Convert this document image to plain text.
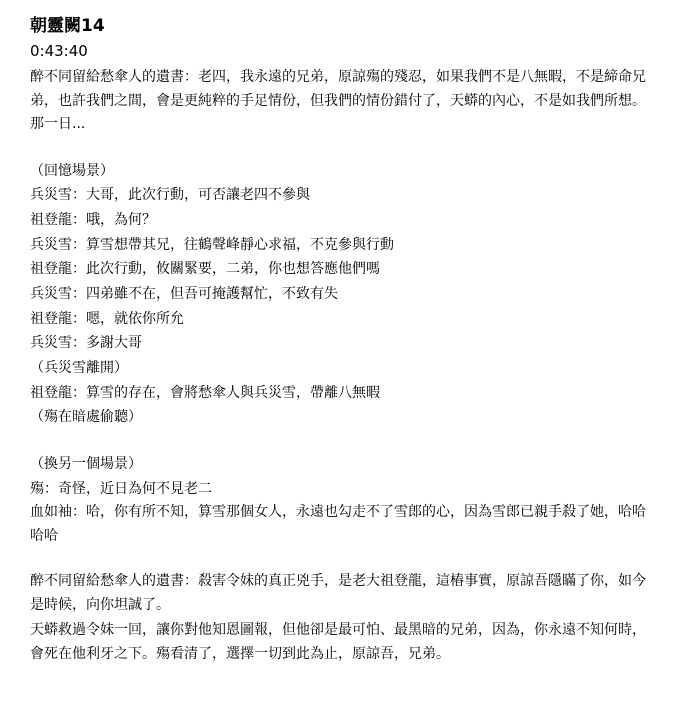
朝靈闕14
0:43:40
醉不同留給愁傘人的遺書：老四，我永遠的兄弟，原諒殤的殘忍，如果我們不是八無暇，不是締命兄弟，也許我們之間，會是更純粹的手足情份，但我們的情份錯付了，天蟒的內心，不是如我們所想。那一日...
（回憶場景）
兵災雪：大哥，此次行動，可否讓老四不參與
祖登龍：哦，為何？
兵災雪：算雪想帶其兄，往鶴聲峰靜心求福，不克參與行動
祖登龍：此次行動，攸關緊要，二弟，你也想答應他們嗎
兵災雪：四弟雖不在，但吾可掩護幫忙，不致有失
祖登龍：嗯，就依你所允
兵災雪：多謝大哥
（兵災雪離開）
祖登龍：算雪的存在，會將愁傘人與兵災雪，帶離八無暇
（殤在暗處偷聽）
（換另一個場景）
殤：奇怪，近日為何不見老二
血如袖：哈，你有所不知，算雪那個女人，永遠也勾走不了雪郎的心，因為雪郎已親手殺了她，哈哈哈哈
醉不同留給愁傘人的遺書：殺害令妹的真正兇手，是老大祖登龍，這樁事實，原諒吾隱瞞了你，如今是時候，向你坦誠了。
天蟒救過令妹一回，讓你對他知恩圖報，但他卻是最可怕、最黑暗的兄弟，因為，你永遠不知何時，會死在他利牙之下。殤看清了，選擇一切到此為止，原諒吾，兄弟。
